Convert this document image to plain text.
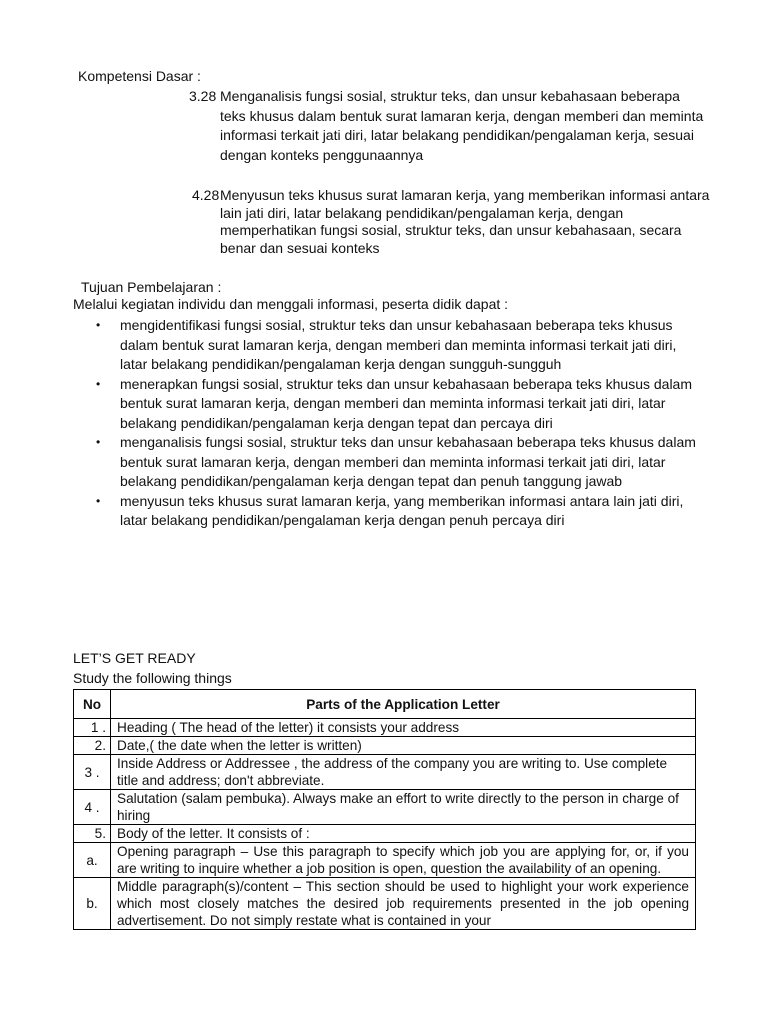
Kompetensi Dasar :
3.28 Menganalisis fungsi sosial, struktur teks, dan unsur kebahasaan beberapa teks khusus dalam bentuk surat lamaran kerja, dengan memberi dan meminta informasi terkait jati diri, latar belakang pendidikan/pengalaman kerja, sesuai dengan konteks penggunaannya
4.28 Menyusun teks khusus surat lamaran kerja, yang memberikan informasi antara lain jati diri, latar belakang pendidikan/pengalaman kerja, dengan memperhatikan fungsi sosial, struktur teks, dan unsur kebahasaan, secara benar dan sesuai konteks
Tujuan Pembelajaran :
Melalui kegiatan individu dan menggali informasi, peserta didik dapat :
• mengidentifikasi fungsi sosial, struktur teks dan unsur kebahasaan beberapa teks khusus dalam bentuk surat lamaran kerja, dengan memberi dan meminta informasi terkait jati diri, latar belakang pendidikan/pengalaman kerja dengan sungguh-sungguh
• menerapkan fungsi sosial, struktur teks dan unsur kebahasaan beberapa teks khusus dalam bentuk surat lamaran kerja, dengan memberi dan meminta informasi terkait jati diri, latar belakang pendidikan/pengalaman kerja dengan tepat dan percaya diri
• menganalisis fungsi sosial, struktur teks dan unsur kebahasaan beberapa teks khusus dalam bentuk surat lamaran kerja, dengan memberi dan meminta informasi terkait jati diri, latar belakang pendidikan/pengalaman kerja dengan tepat dan penuh tanggung jawab
• menyusun teks khusus surat lamaran kerja, yang memberikan informasi antara lain jati diri, latar belakang pendidikan/pengalaman kerja dengan penuh percaya diri
LET’S GET READY
Study the following things
No	Parts of the Application Letter
1 .	Heading ( The head of the letter) it consists your address
2.	Date,( the date when the letter is written)
3 .	Inside Address or Addressee , the address of the company you are writing to. Use complete title and address; don't abbreviate.
4 .	Salutation (salam pembuka). Always make an effort to write directly to the person in charge of hiring
5.	Body of the letter. It consists of :
a.	Opening paragraph – Use this paragraph to specify which job you are applying for, or, if you are writing to inquire whether a job position is open, question the availability of an opening.
b.	Middle paragraph(s)/content – This section should be used to highlight your work experience which most closely matches the desired job requirements presented in the job opening advertisement. Do not simply restate what is contained in your
